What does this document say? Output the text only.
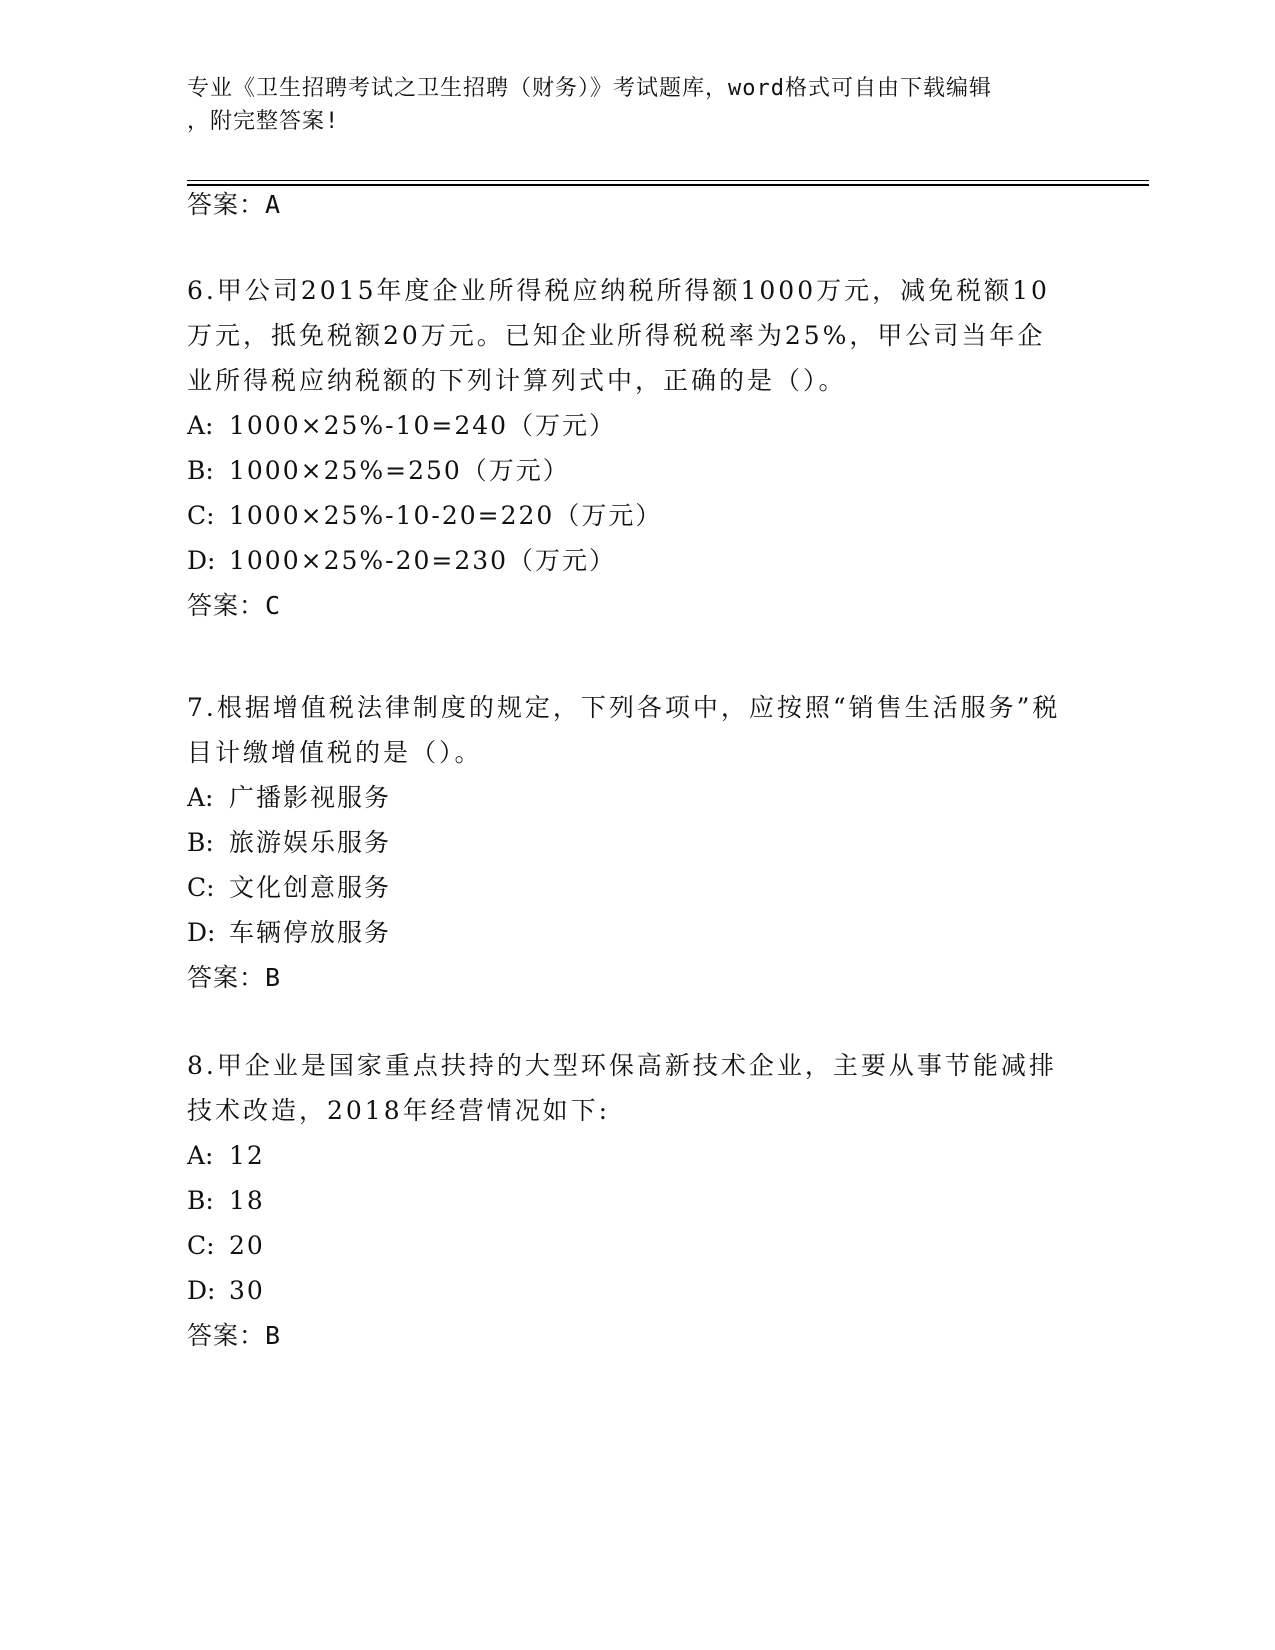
专业《卫生招聘考试之卫生招聘（财务）》考试题库，word格式可自由下载编辑
，附完整答案!
答案：A

6.甲公司2015年度企业所得税应纳税所得额1000万元，减免税额10万元，抵免税额20万元。已知企业所得税税率为25%，甲公司当年企业所得税应纳税额的下列计算列式中，正确的是（）。

A: 1000×25%-10=240（万元）
B: 1000×25%=250（万元）
C: 1000×25%-10-20=220（万元）
D: 1000×25%-20=230（万元）
答案：C

7.根据增值税法律制度的规定，下列各项中，应按照“销售生活服务”税目计缴增值税的是（）。

A: 广播影视服务
B: 旅游娱乐服务
C: 文化创意服务
D: 车辆停放服务
答案：B

8.甲企业是国家重点扶持的大型环保高新技术企业，主要从事节能减排技术改造，2018年经营情况如下:

A: 12
B: 18
C: 20
D: 30
答案：B
